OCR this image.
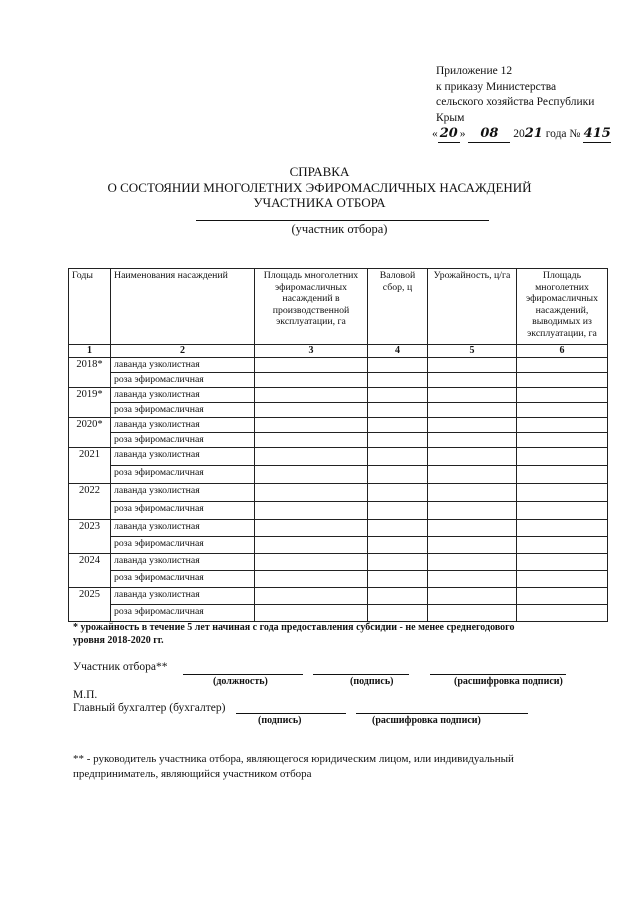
Приложение 12
к приказу Министерства
сельского хозяйства Республики
Крым
« 20 » 08 2021 года № 415
СПРАВКА
О СОСТОЯНИИ МНОГОЛЕТНИХ ЭФИРОМАСЛИЧНЫХ НАСАЖДЕНИЙ
УЧАСТНИКА ОТБОРА
(участник отбора)
Годы	Наименования насаждений	Площадь многолетних эфиромасличных насаждений в производственной эксплуатации, га	Валовой сбор, ц	Урожайность, ц/га	Площадь многолетних эфиромасличных насаждений, выводимых из эксплуатации, га
1	2	3	4	5	6
2018*	лаванда узколистная				
	роза эфиромасличная				
2019*	лаванда узколистная				
	роза эфиромасличная				
2020*	лаванда узколистная				
	роза эфиромасличная				
2021	лаванда узколистная				
	роза эфиромасличная				
2022	лаванда узколистная				
	роза эфиромасличная				
2023	лаванда узколистная				
	роза эфиромасличная				
2024	лаванда узколистная				
	роза эфиромасличная				
2025	лаванда узколистная				
	роза эфиромасличная				
* урожайность в течение 5 лет начиная с года предоставления субсидии - не менее среднегодового уровня 2018-2020 гг.
Участник отбора**
(должность)	(подпись)	(расшифровка подписи)
М.П.
Главный бухгалтер (бухгалтер)
(подпись)	(расшифровка подписи)
** - руководитель участника отбора, являющегося юридическим лицом, или индивидуальный предприниматель, являющийся участником отбора
